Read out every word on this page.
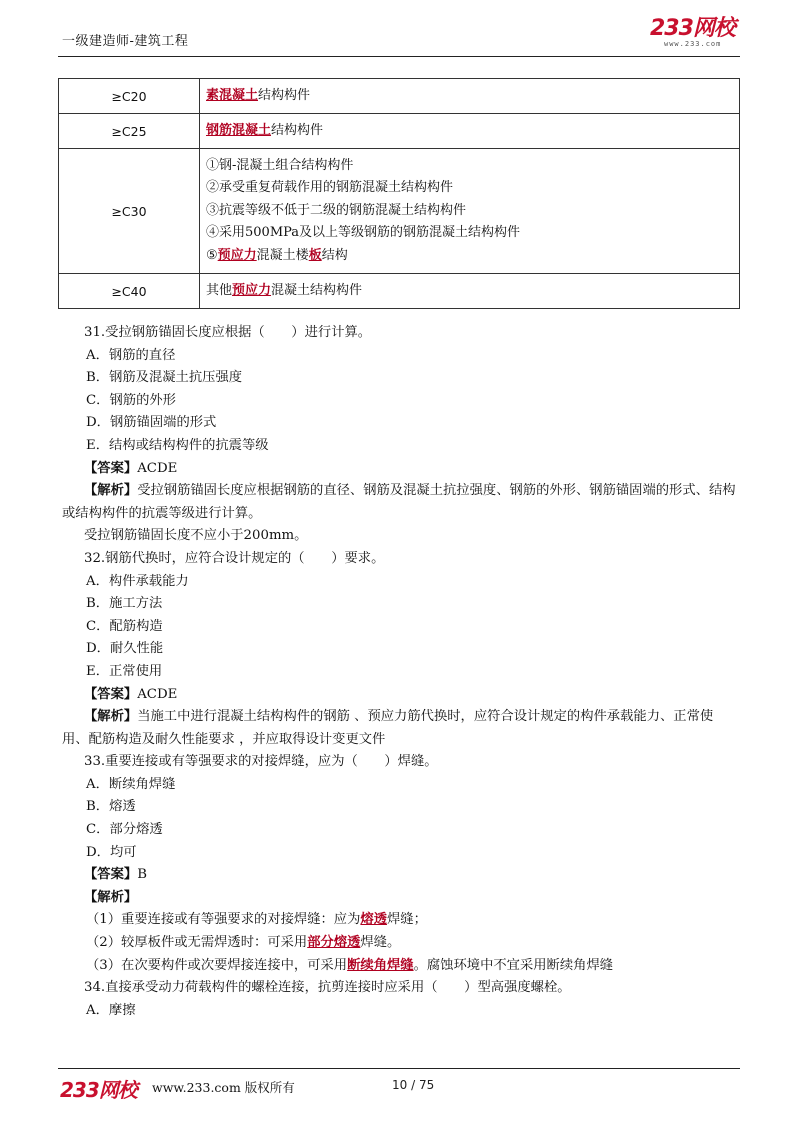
一级建造师-建筑工程
233网校
www.233.com
≥C20	素混凝土结构构件

≥C25	钢筋混凝土结构构件

≥C30	①钢-混凝土组合结构构件
②承受重复荷载作用的钢筋混凝土结构构件
③抗震等级不低于二级的钢筋混凝土结构构件
④采用500MPa及以上等级钢筋的钢筋混凝土结构构件
⑤预应力混凝土楼板结构

≥C40	其他预应力混凝土结构构件
31.受拉钢筋锚固长度应根据（　　）进行计算。
A．钢筋的直径
B．钢筋及混凝土抗压强度
C．钢筋的外形
D．钢筋锚固端的形式
E．结构或结构构件的抗震等级
【答案】ACDE
【解析】受拉钢筋锚固长度应根据钢筋的直径、钢筋及混凝土抗拉强度、钢筋的外形、钢筋锚固端的形式、结构或结构构件的抗震等级进行计算。
受拉钢筋锚固长度不应小于200mm。
32.钢筋代换时，应符合设计规定的（　　）要求。
A．构件承载能力
B．施工方法
C．配筋构造
D．耐久性能
E．正常使用
【答案】ACDE
【解析】当施工中进行混凝土结构构件的钢筋 、预应力筋代换时，应符合设计规定的构件承载能力、正常使用、配筋构造及耐久性能要求 ，并应取得设计变更文件
33.重要连接或有等强要求的对接焊缝，应为（　　）焊缝。
A．断续角焊缝
B．熔透
C．部分熔透
D．均可
【答案】B
【解析】
（1）重要连接或有等强要求的对接焊缝：应为熔透焊缝；
（2）较厚板件或无需焊透时：可采用部分熔透焊缝。
（3）在次要构件或次要焊接连接中，可采用断续角焊缝。腐蚀环境中不宜采用断续角焊缝
34.直接承受动力荷载构件的螺栓连接，抗剪连接时应采用（　　）型高强度螺栓。
A．摩擦
233网校 www.233.com 版权所有	10 / 75
